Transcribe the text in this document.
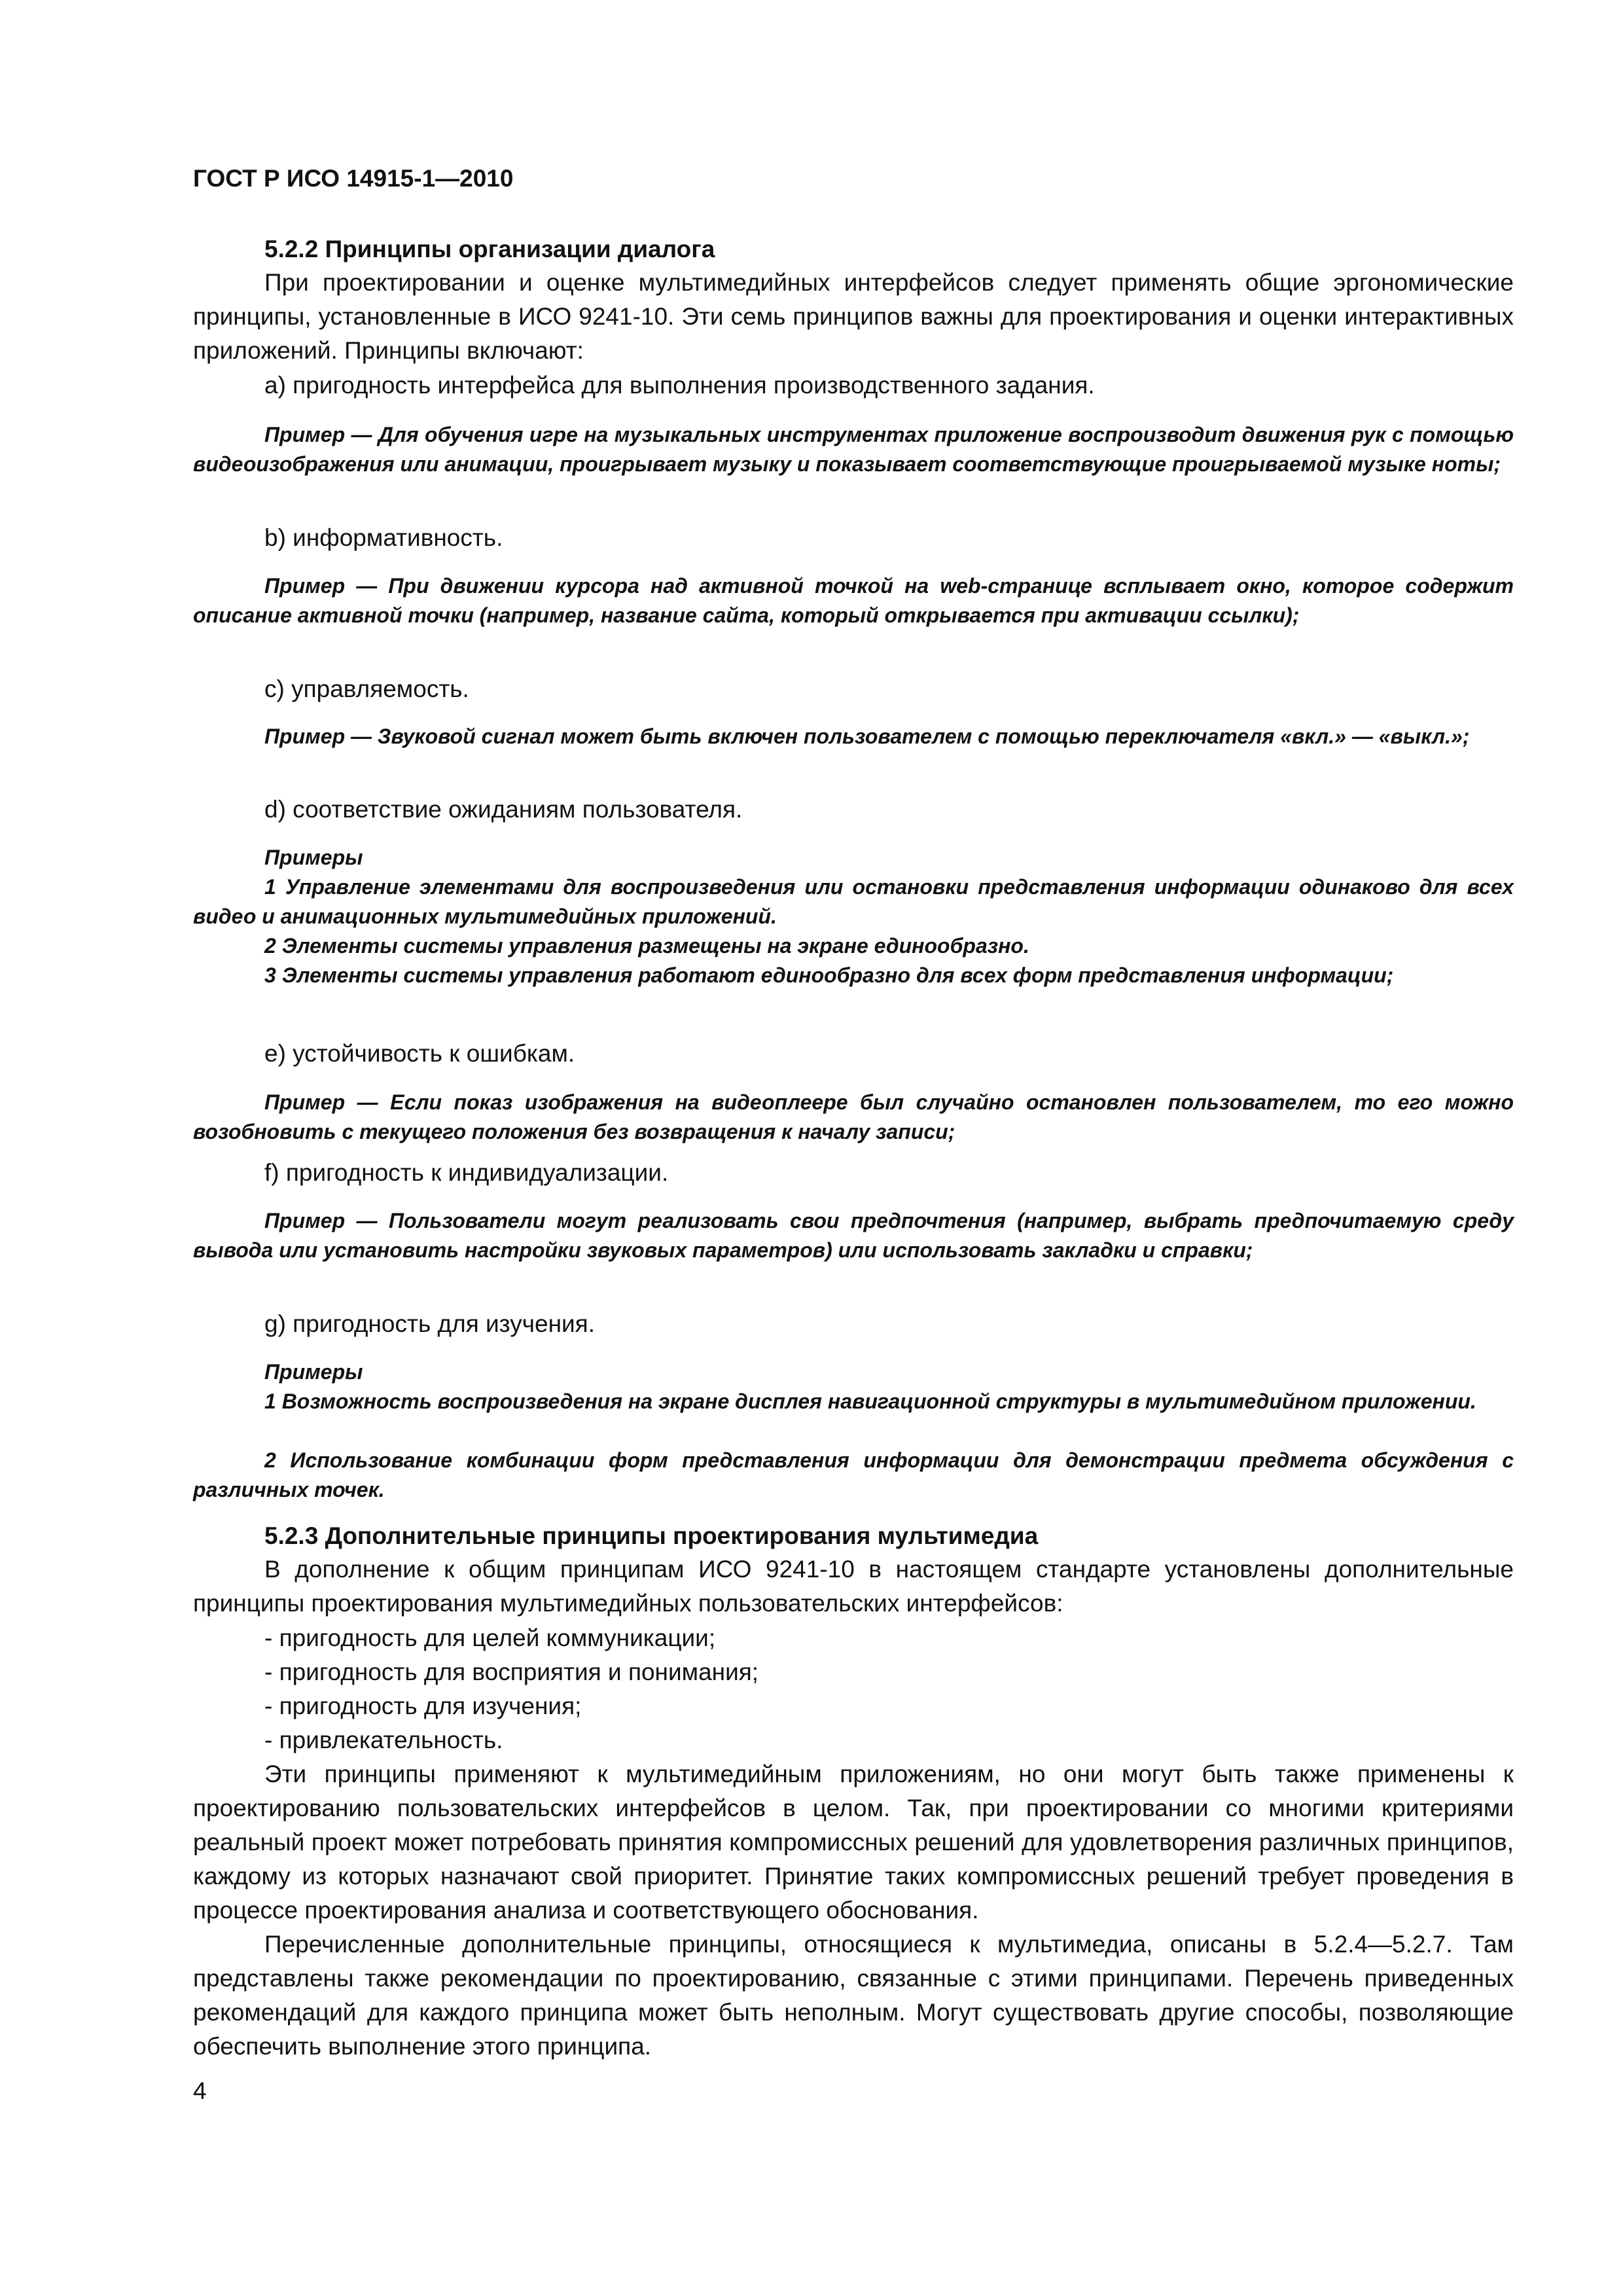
ГОСТ Р ИСО 14915-1—2010
5.2.2 Принципы организации диалога

При проектировании и оценке мультимедийных интерфейсов следует применять общие эргономические принципы, установленные в ИСО 9241-10. Эти семь принципов важны для проектирования и оценки интерактивных приложений. Принципы включают:

a) пригодность интерфейса для выполнения производственного задания.

Пример — Для обучения игре на музыкальных инструментах приложение воспроизводит движения рук с помощью видеоизображения или анимации, проигрывает музыку и показывает соответствующие проигрываемой музыке ноты;

b) информативность.

Пример — При движении курсора над активной точкой на web-странице всплывает окно, которое содержит описание активной точки (например, название сайта, который открывается при активации ссылки);

c) управляемость.

Пример — Звуковой сигнал может быть включен пользователем с помощью переключателя «вкл.» — «выкл.»;

d) соответствие ожиданиям пользователя.
Примеры

1 Управление элементами для воспроизведения или остановки представления информации одинаково для всех видео и анимационных мультимедийных приложений.

2 Элементы системы управления размещены на экране единообразно.

3 Элементы системы управления работают единообразно для всех форм представления информации;

e) устойчивость к ошибкам.

Пример — Если показ изображения на видеоплеере был случайно остановлен пользователем, то его можно возобновить с текущего положения без возвращения к началу записи;

f) пригодность к индивидуализации.

Пример — Пользователи могут реализовать свои предпочтения (например, выбрать предпочитаемую среду вывода или установить настройки звуковых параметров) или использовать закладки и справки;

g) пригодность для изучения.
Примеры

1 Возможность воспроизведения на экране дисплея навигационной структуры в мультимедийном приложении.

2 Использование комбинации форм представления информации для демонстрации предмета обсуждения с различных точек.

5.2.3 Дополнительные принципы проектирования мультимедиа

В дополнение к общим принципам ИСО 9241-10 в настоящем стандарте установлены дополнительные принципы проектирования мультимедийных пользовательских интерфейсов:

- пригодность для целей коммуникации;
- пригодность для восприятия и понимания;
- пригодность для изучения;
- привлекательность.

Эти принципы применяют к мультимедийным приложениям, но они могут быть также применены к проектированию пользовательских интерфейсов в целом. Так, при проектировании со многими критериями реальный проект может потребовать принятия компромиссных решений для удовлетворения различных принципов, каждому из которых назначают свой приоритет. Принятие таких компромиссных решений требует проведения в процессе проектирования анализа и соответствующего обоснования.

Перечисленные дополнительные принципы, относящиеся к мультимедиа, описаны в 5.2.4—5.2.7. Там представлены также рекомендации по проектированию, связанные с этими принципами. Перечень приведенных рекомендаций для каждого принципа может быть неполным. Могут существовать другие способы, позволяющие обеспечить выполнение этого принципа.

4
